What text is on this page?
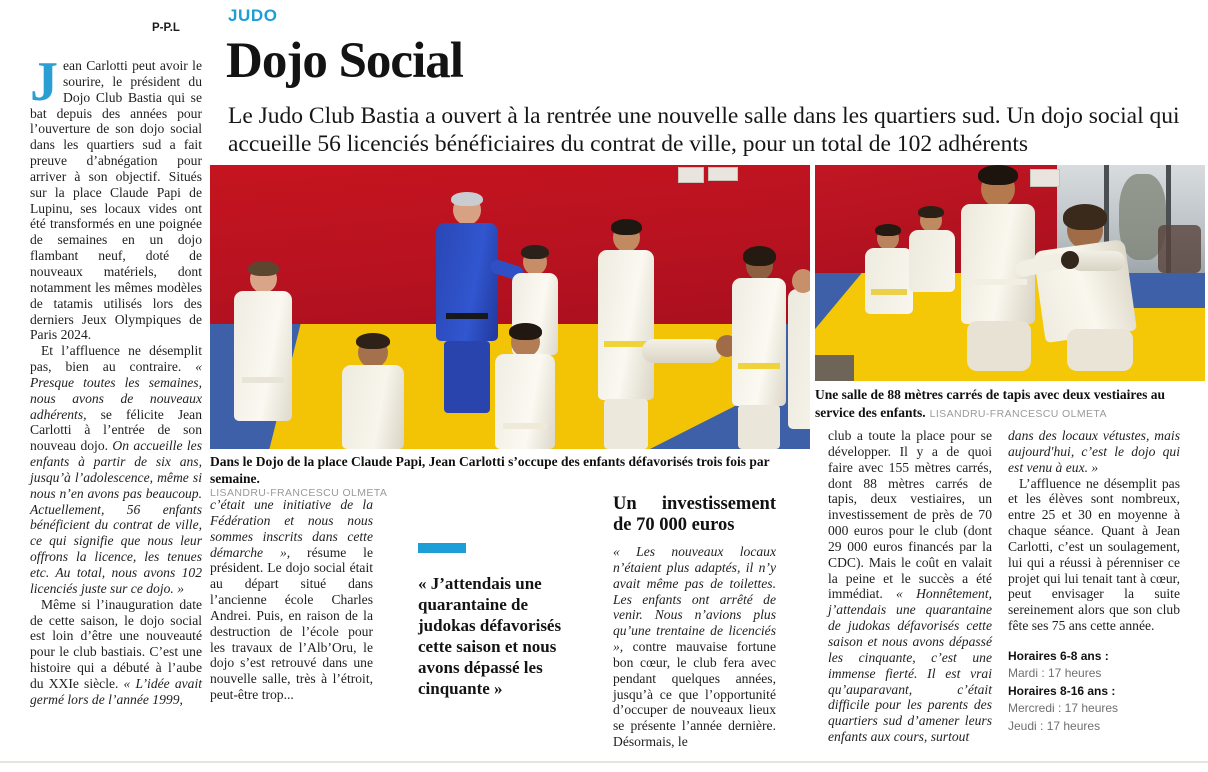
P-P.L
JUDO
Dojo Social
Le Judo Club Bastia a ouvert à la rentrée une nouvelle salle dans les quartiers sud. Un dojo social qui accueille 56 licenciés bénéficiaires du contrat de ville, pour un total de 102 adhérents

Jean Carlotti peut avoir le sourire, le président du Dojo Club Bastia qui se bat depuis des années pour l’ouverture de son dojo social dans les quartiers sud a fait preuve d’abnégation pour arriver à son objectif. Situés sur la place Claude Papi de Lupinu, ses locaux vides ont été transformés en une poignée de semaines en un dojo flambant neuf, doté de nouveaux matériels, dont notamment les mêmes modèles de tatamis utilisés lors des derniers Jeux Olympiques de Paris 2024.

Et l’affluence ne désemplit pas, bien au contraire. « Presque toutes les semaines, nous avons de nouveaux adhérents, se félicite Jean Carlotti à l’entrée de son nouveau dojo. On accueille les enfants à partir de six ans, jusqu’à l’adolescence, même si nous n’en avons pas beaucoup. Actuellement, 56 enfants bénéficient du contrat de ville, ce qui signifie que nous leur offrons la licence, les tenues etc. Au total, nous avons 102 licenciés juste sur ce dojo. »

Même si l’inauguration date de cette saison, le dojo social est loin d’être une nouveauté pour le club bastiais. C’est une histoire qui a débuté à l’aube du XXIe siècle. « L’idée avait germé lors de l’année 1999,

Dans le Dojo de la place Claude Papi, Jean Carlotti s’occupe des enfants défavorisés trois fois par semaine.
LISANDRU-FRANCESCU OLMETA
Une salle de 88 mètres carrés de tapis avec deux vestiaires au service des enfants. LISANDRU-FRANCESCU OLMETA

c’était une initiative de la Fédération et nous nous sommes inscrits dans cette démarche », résume le président. Le dojo social était au départ situé dans l’ancienne école Charles Andrei. Puis, en raison de la destruction de l’école pour les travaux de l’Alb’Oru, le dojo s’est retrouvé dans une nouvelle salle, très à l’étroit, peut-être trop...

« J’attendais une quarantaine de judokas défavorisés cette saison et nous avons dépassé les cinquante »
Un investissement de 70 000 euros

« Les nouveaux locaux n’étaient plus adaptés, il n’y avait même pas de toilettes. Les enfants ont arrêté de venir. Nous n’avions plus qu’une trentaine de licenciés », contre mauvaise fortune bon cœur, le club fera avec pendant quelques années, jusqu’à ce que l’opportunité d’occuper de nouveaux lieux se présente l’année dernière. Désormais, le

club a toute la place pour se développer. Il y a de quoi faire avec 155 mètres carrés, dont 88 mètres carrés de tapis, deux vestiaires, un investissement de près de 70 000 euros pour le club (dont 29 000 euros financés par la CDC). Mais le coût en valait la peine et le succès a été immédiat. « Honnêtement, j’attendais une quarantaine de judokas défavorisés cette saison et nous avons dépassé les cinquante, c’est une immense fierté. Il est vrai qu’auparavant, c’était difficile pour les parents des quartiers sud d’amener leurs enfants aux cours, surtout

dans des locaux vétustes, mais aujourd'hui, c’est le dojo qui est venu à eux. »

L’affluence ne désemplit pas et les élèves sont nombreux, entre 25 et 30 en moyenne à chaque séance. Quant à Jean Carlotti, c’est un soulagement, lui qui a réussi à pérenniser ce projet qui lui tenait tant à cœur, peut envisager la suite sereinement alors que son club fête ses 75 ans cette année.

Horaires 6-8 ans :
Mardi : 17 heures
Horaires 8-16 ans :
Mercredi : 17 heures
Jeudi : 17 heures
